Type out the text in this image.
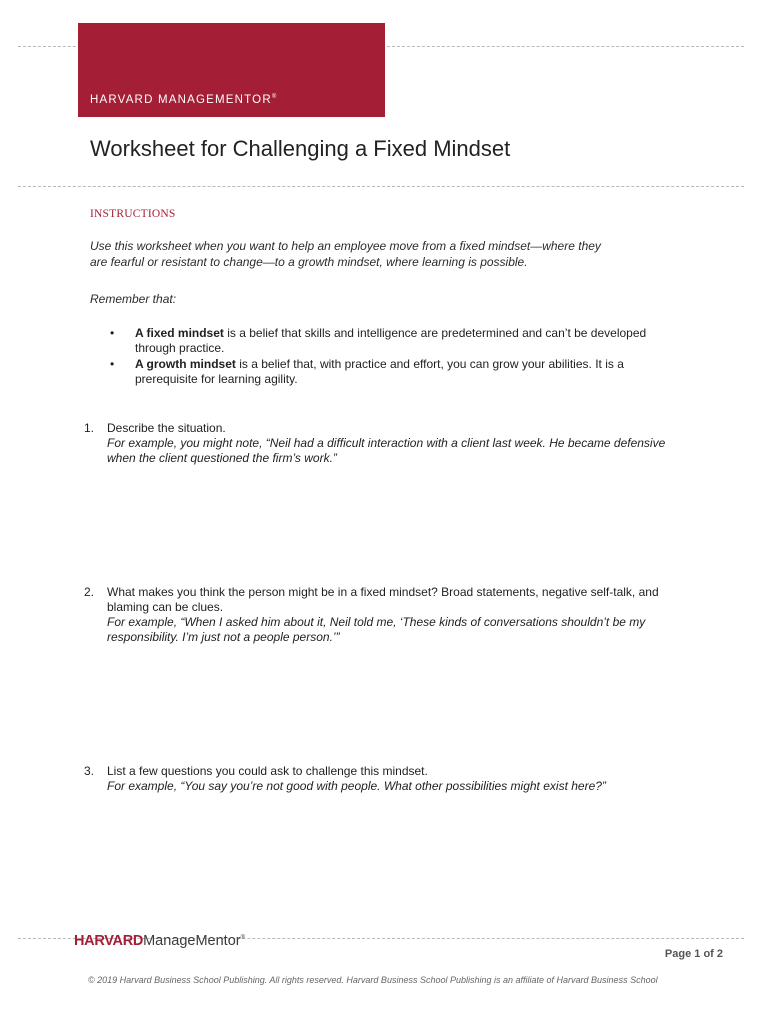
HARVARD MANAGEMENTOR®
Worksheet for Challenging a Fixed Mindset
INSTRUCTIONS
Use this worksheet when you want to help an employee move from a fixed mindset—where they
are fearful or resistant to change—to a growth mindset, where learning is possible.
Remember that:
• A fixed mindset is a belief that skills and intelligence are predetermined and can’t be developed
through practice.
• A growth mindset is a belief that, with practice and effort, you can grow your abilities. It is a
prerequisite for learning agility.
1. Describe the situation.
For example, you might note, “Neil had a difficult interaction with a client last week. He became defensive
when the client questioned the firm’s work.”
2. What makes you think the person might be in a fixed mindset? Broad statements, negative self-talk, and
blaming can be clues.
For example, “When I asked him about it, Neil told me, ‘These kinds of conversations shouldn’t be my
responsibility. I’m just not a people person.’”
3. List a few questions you could ask to challenge this mindset.
For example, “You say you’re not good with people. What other possibilities might exist here?”
HARVARDManageMentor®
Page 1 of 2
© 2019 Harvard Business School Publishing. All rights reserved. Harvard Business School Publishing is an affiliate of Harvard Business School
